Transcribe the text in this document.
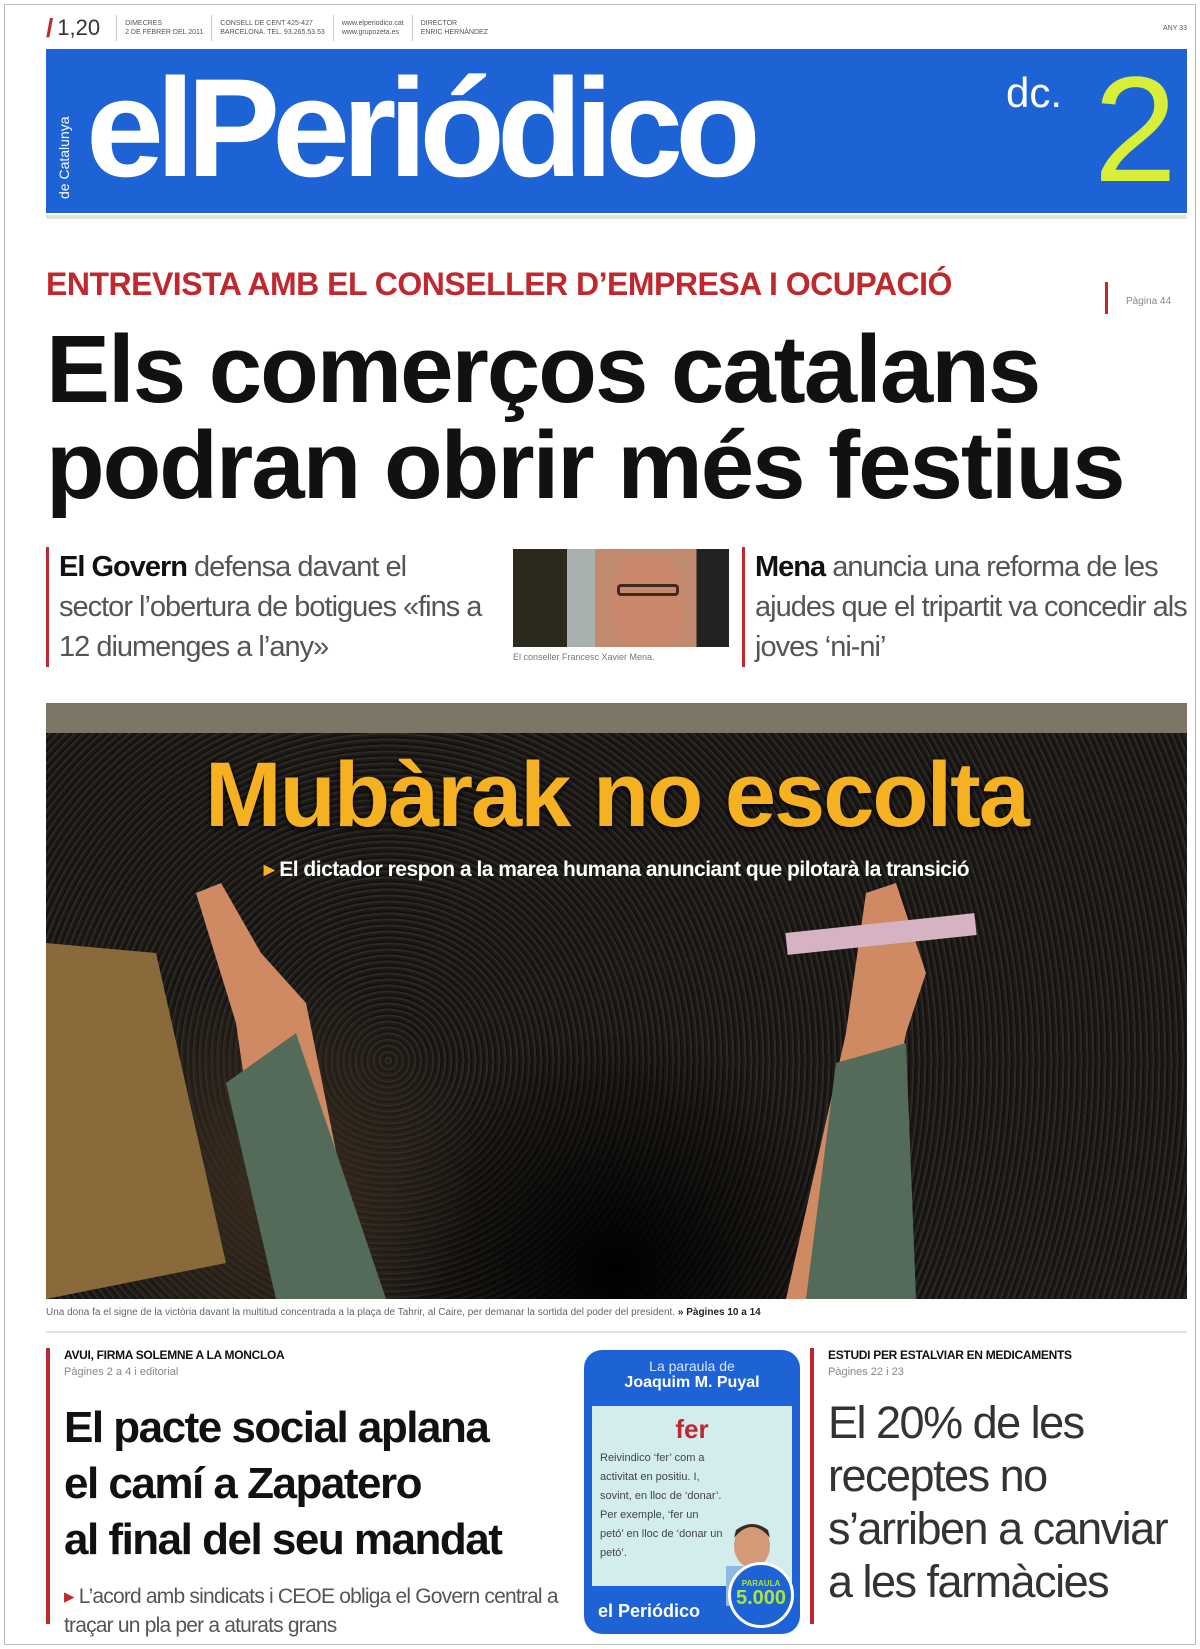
/ 1,20	DIMECRES
2 DE FEBRER DEL 2011
CONSELL DE CENT 425-427
BARCELONA. TEL. 93.265.53.53
www.elperiodico.cat
www.grupozeta.es
DIRECTOR
ENRIC HERNÀNDEZ
ANY 33
de Catalunya elPeriódico	dc. 2
ENTREVISTA AMB EL CONSELLER D’EMPRESA I OCUPACIÓ	Pàgina 44
Els comerços catalans
podran obrir més festius
El Govern defensa davant el sector l’obertura de botigues «fins a 12 diumenges a l’any»	El conseller Francesc Xavier Mena.
Mena anuncia una reforma de les ajudes que el tripartit va concedir als joves ‘ni-ni’
Mubàrak no escolta
▸ El dictador respon a la marea humana anunciant que pilotarà la transició
Una dona fa el signe de la victòria davant la multitud concentrada a la plaça de Tahrir, al Caire, per demanar la sortida del poder del president. » Pàgines 10 a 14
AVUI, FIRMA SOLEMNE A LA MONCLOA
Pàgines 2 a 4 i editorial
El pacte social aplana
el camí a Zapatero
al final del seu mandat
▸ L’acord amb sindicats i CEOE obliga el Govern central a traçar un pla per a aturats grans
La paraula de
Joaquim M. Puyal
fer
Reivindico ‘fer’ com a activitat en positiu. I, sovint, en lloc de ‘donar’. Per exemple, ‘fer un petó’ en lloc de ‘donar un petó’.
el Periódico
PARAULA
5.000
ESTUDI PER ESTALVIAR EN MEDICAMENTS
Pàgines 22 i 23
El 20% de les
receptes no
s’arriben a canviar
a les farmàcies
